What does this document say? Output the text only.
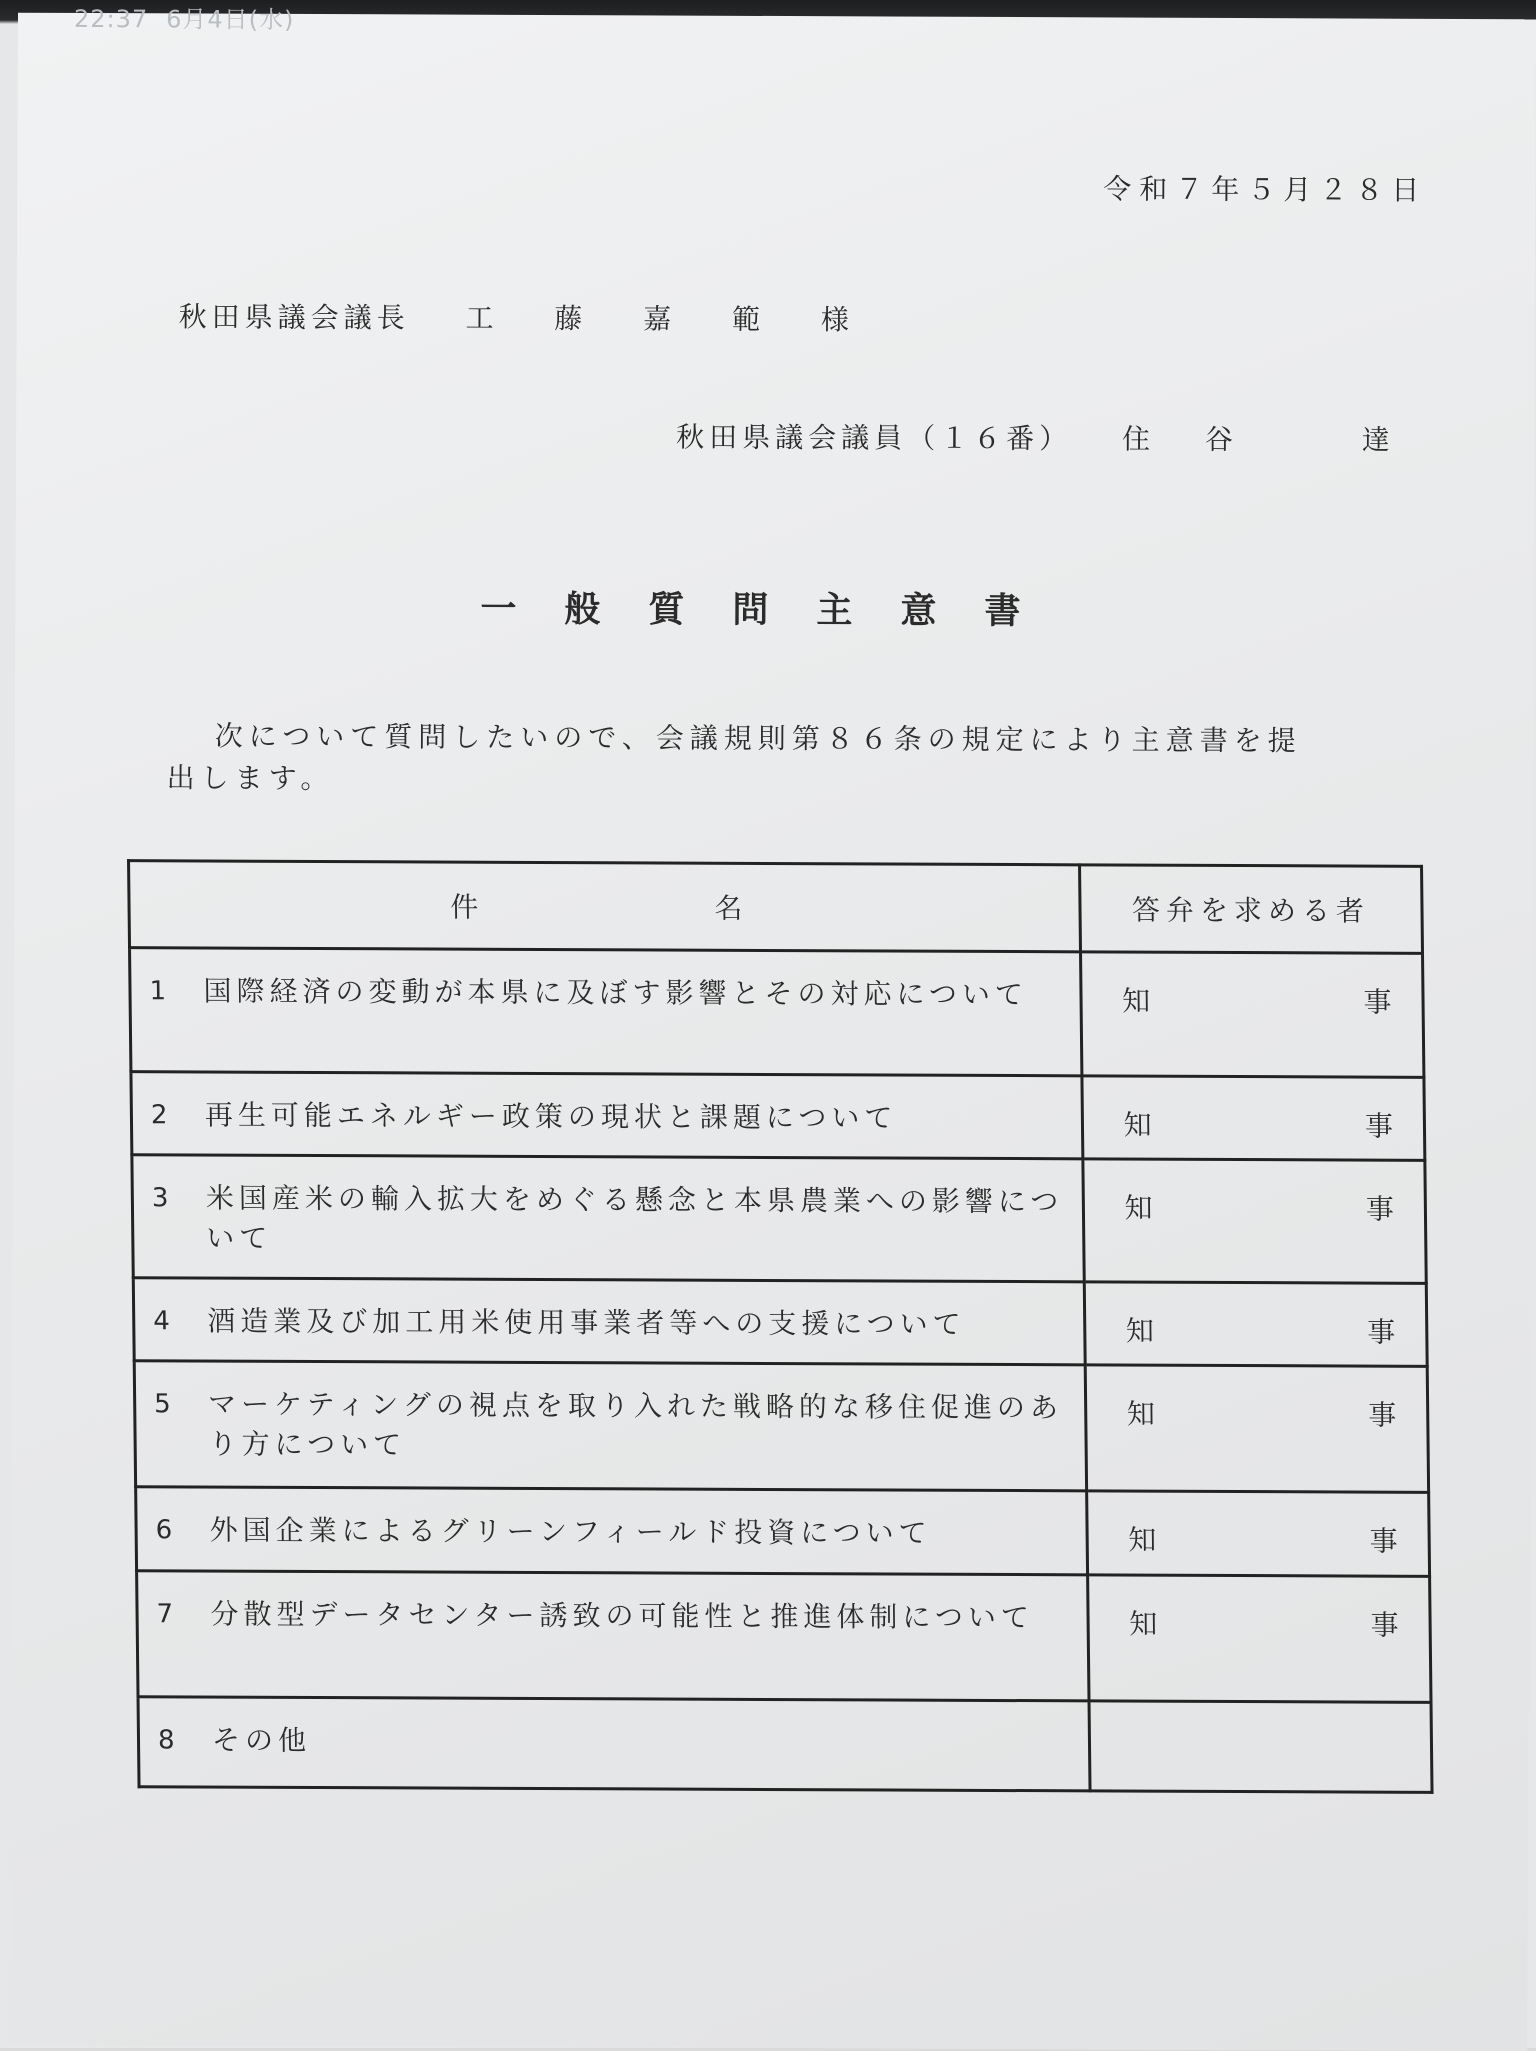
22:37 6月4日(水)
令和７年５月２８日
秋田県議会議長 工 藤 嘉 範 様
秋田県議会議員（１６番） 住 谷	達
一般質問主意書
次について質問したいので、会議規則第８６条の規定により主意書を提出します。
件 名	答弁を求める者

1 国際経済の変動が本県に及ぼす影響とその対応について	知 事

2 再生可能エネルギー政策の現状と課題について	知 事

3 米国産米の輸入拡大をめぐる懸念と本県農業への影響について	知 事

4 酒造業及び加工用米使用事業者等への支援について	知 事

5 マーケティングの視点を取り入れた戦略的な移住促進のあり方について	知 事

6 外国企業によるグリーンフィールド投資について	知 事

7 分散型データセンター誘致の可能性と推進体制について	知 事

8 その他	
